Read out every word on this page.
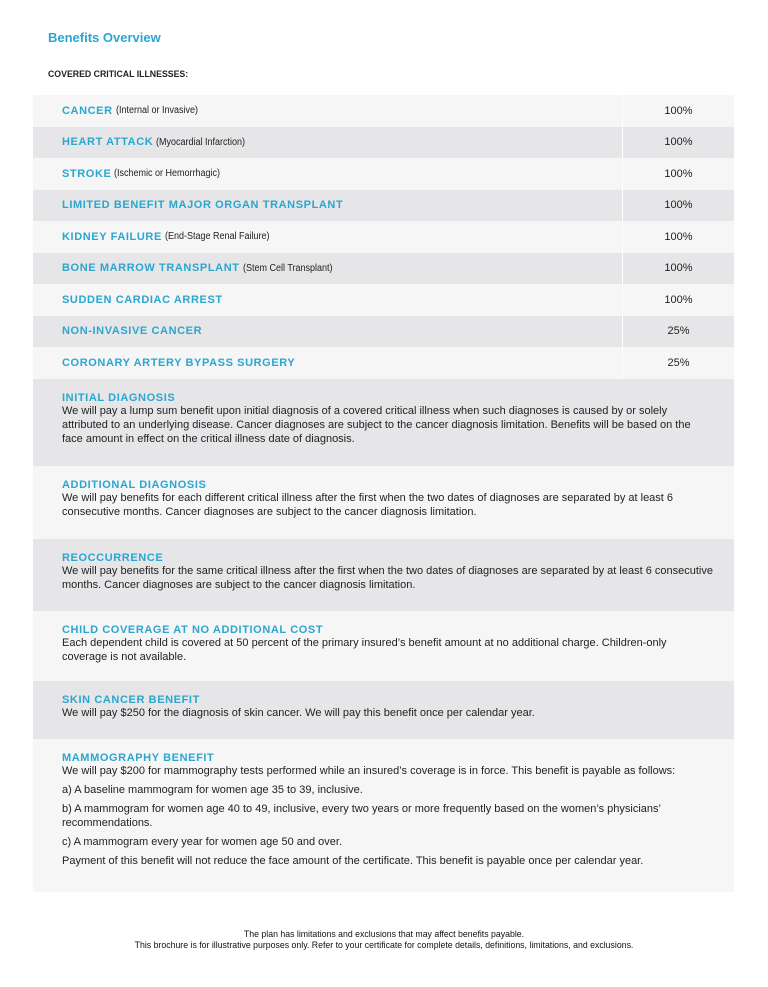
Benefits Overview
COVERED CRITICAL ILLNESSES:
CANCER (Internal or Invasive)	100%
HEART ATTACK (Myocardial Infarction)	100%
STROKE (Ischemic or Hemorrhagic)	100%
LIMITED BENEFIT MAJOR ORGAN TRANSPLANT	100%
KIDNEY FAILURE (End-Stage Renal Failure)	100%
BONE MARROW TRANSPLANT (Stem Cell Transplant)	100%
SUDDEN CARDIAC ARREST	100%
NON-INVASIVE CANCER	25%
CORONARY ARTERY BYPASS SURGERY	25%
INITIAL DIAGNOSIS

We will pay a lump sum benefit upon initial diagnosis of a covered critical illness when such diagnoses is caused by or solely attributed to an underlying disease. Cancer diagnoses are subject to the cancer diagnosis limitation. Benefits will be based on the face amount in effect on the critical illness date of diagnosis.

ADDITIONAL DIAGNOSIS

We will pay benefits for each different critical illness after the first when the two dates of diagnoses are separated by at least 6 consecutive months. Cancer diagnoses are subject to the cancer diagnosis limitation.

REOCCURRENCE

We will pay benefits for the same critical illness after the first when the two dates of diagnoses are separated by at least 6 consecutive months. Cancer diagnoses are subject to the cancer diagnosis limitation.

CHILD COVERAGE AT NO ADDITIONAL COST

Each dependent child is covered at 50 percent of the primary insured’s benefit amount at no additional charge. Children-only coverage is not available.

SKIN CANCER BENEFIT

We will pay $250 for the diagnosis of skin cancer. We will pay this benefit once per calendar year.

MAMMOGRAPHY BENEFIT

We will pay $200 for mammography tests performed while an insured’s coverage is in force. This benefit is payable as follows:

a) A baseline mammogram for women age 35 to 39, inclusive.

b) A mammogram for women age 40 to 49, inclusive, every two years or more frequently based on the women’s physicians’ recommendations.

c) A mammogram every year for women age 50 and over.

Payment of this benefit will not reduce the face amount of the certificate. This benefit is payable once per calendar year.

The plan has limitations and exclusions that may affect benefits payable.
This brochure is for illustrative purposes only. Refer to your certificate for complete details, definitions, limitations, and exclusions.
